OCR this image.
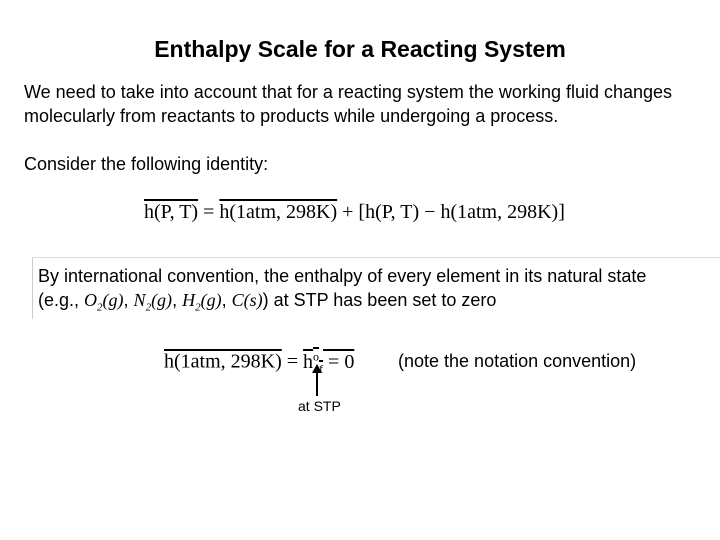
Enthalpy Scale for a Reacting System
We need to take into account that for a reacting system the working fluid changes molecularly from reactants to products while undergoing a process.
Consider the following identity:
h(P, T) = h(1atm, 298K) + [h(P, T) − h(1atm, 298K)]
By international convention, the enthalpy of every element in its natural state
(e.g., $O_2(g)$, $N_2(g)$, $H_2(g)$, C(s)) at STP has been set to zero
h(1atm, $298K) = h^o_f = 0$ (note the notation convention)
at STP
